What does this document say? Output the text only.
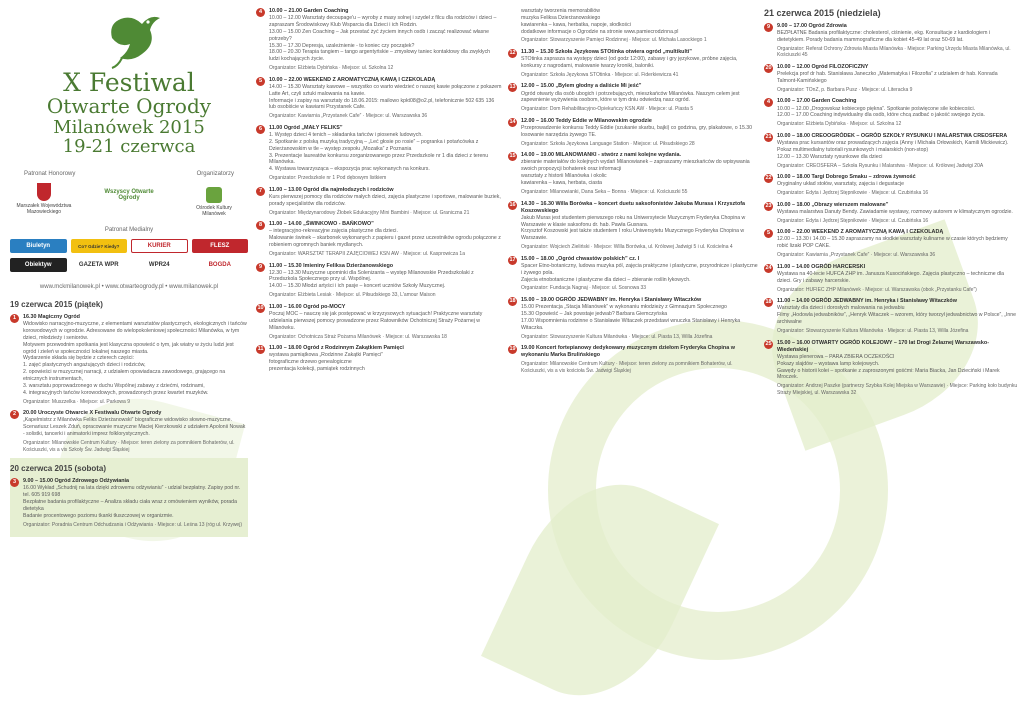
X Festiwal
Otwarte Ogrody
Milanówek 2015
19-21 czerwca
Patronat Honorowy	Organizatorzy
Marszałek Województwa Mazowieckiego
Wszyscy Otwarte Ogrody
Ośrodek Kultury Milanówek
Patronat Medialny
Biuletyn	Co? Gdzie? Kiedy?	KURIER	FLESZ
Obiektyw	GAZETA WPR	WPR24	BOGDA
www.mckmilanowek.pl • www.otwarteogrody.pl • www.milanowek.pl
19 czerwca 2015 (piątek)
1	16.30 Magiczny Ogród
Widowisko narracyjno-muzyczne, z elementami warsztatów plastycznych, ekologicznych i tańców korowodowych w ogrodzie. Adresowane do wielopokoleniowej społeczności Milanówka, w tym dzieci, młodzieży i seniorów.
Motywem przewodnim spotkania jest klasyczna opowieść o tym, jak wiatry w życiu ludzi jest ogród i zieleń w społeczności lokalnej naszego miasta.
Wydarzenie składa się będzie z czterech części:
1. zajęć plastycznych angażujących dzieci i rodziców,
2. opowieści w muzycznej narracji, z udziałem opowiadacza zawodowego, grającego na etnicznych instrumentach,
3. warsztatu poprowadzonego w duchu Wspólnej zabawy z dziećmi, rodzinami,
4. integracyjnych tańców korowodowych, prowadzonych przez kwartet muzyków.
Organizator: Muszzelka · Miejsce: ul. Parkowa 9
2	20.00 Uroczyste Otwarcie X Festiwalu Otwarte Ogrody
„Kapelmistrz z Milanówka Feliks Dzierżanowski” biograficzne widowisko słowno-muzyczne. Scenariusz Leszek Zduń, opracowanie muzyczne Maciej Kierzkowski z udziałem Apolonii Nowak - solistki, tancerki i animatorki imprez folklorystycznych.
Organizator: Milanowskie Centrum Kultury · Miejsce: teren zielony za pomnikiem Bohaterów, ul. Kościuszki, vis a vis Szkoły Św. Jadwigi Śląskiej
20 czerwca 2015 (sobota)
3	9.00 – 15.00 Ogród Zdrowego Odżywiania
16.00 Wykład „Schudnij na lata dzięki zdrowemu odżywianiu” - udział bezpłatny. Zapisy pod nr. tel. 605 919 698
Bezpłatne badania profilaktyczne – Analiza składu ciała wraz z omówieniem wyników, porada dietetyka
Badanie procentowego poziomu tkanki tłuszczowej w organizmie.
Organizator: Poradnia Centrum Odchudzania i Odżywiania · Miejsce: ul. Leśna 13 (róg ul. Krzywej)
4	10.00 – 21.00 Garden Coaching
10.00 – 12.00 Warsztaty decoupage'u – wyroby z masy solnej i szydeł z filcu dla rodziców i dzieci – zapraszam Środowiskowy Klub Wsparcia dla Dzieci i ich Rodzin.
13.00 – 15.00 Zen Coaching – Jak przestać żyć życiem innych osób i zacząć realizować własne potrzeby?
15.30 – 17.30 Depresja, uzależnienie - to koniec czy początek?
18.00 – 20.30 Terapia tangiem – tango argentyńskie – zmysłowy taniec kontaktowy dla zwykłych ludzi kochających życie.
Organizator: Elżbieta Dybińska · Miejsce: ul. Szkolna 12
5	10.00 – 22.00 WEEKEND Z AROMATYCZNĄ KAWĄ I CZEKOLADĄ
14.00 – 15.30 Warsztaty kawowe – wszystko co warto wiedzieć o naszej kawie połączone z pokazem Latte Art, czyli sztuki malowania na kawie.
Informacje i zapisy na warsztaty do 18.06.2015: mailowo kpkt08@o2.pl, telefonicznie 502 635 136 lub osobiście w kawiarni Przystanek Cafe.
Organizator: Kawiarnia „Przystanek Cafe” · Miejsce: ul. Warszawska 36
6	11.00 Ogród „MAŁY FELIKS”
1. Występ dzieci 4 tenich – składanka tańców i piosenek ludowych.
2. Spotkanie z polską muzyką tradycyjną – „Leć głosie po rosie” – pogranka i potańcówka z Dzierżanowskim w tle – występ zespołu „Mozaika” z Poznania
3. Prezentacje laureatów konkursu zorganizowanego przez Przedszkole nr 1 dla dzieci z terenu Milanówka.
4. Wystawa towarzysząca – ekspozycja prac wykonanych na konkurs.
Organizator: Przedszkole nr 1 Pod dębowym listkiem
7	11.00 – 13.00 Ogród dla najmłodszych i rodziców
Kurs pierwszej pomocy dla rodziców małych dzieci, zajęcia plastyczne i sportowe, malowanie buziek, porady specjalistów dla rodziców.
Organizator: Międzynarodowy Żłobek Edukacyjny Mini Bambini · Miejsce: ul. Graniczna 21
8	11.00 – 14.00 „ŚWINKOWO - BAŃKOWO”
– integracyjno-rekreacyjne zajęcia plastyczne dla dzieci.
Malowanie świnek – skarbonek wykonanych z papieru i gazet przez uczestników ogrodu połączone z robieniem ogromnych baniek mydlanych.
Organizator: WARSZTAT TERAPII ZAJĘCIOWEJ KSN AW · Miejsce: ul. Kasprowicza 1a
9	11.00 – 15.30 Imieniny Feliksa Dzierżanowskiego
12.30 – 13.30 Muzyczne upominki dla Solenizanta – występ Milanowskie Przedszkolaki z Przedszkola Społecznego przy ul. Wspólnej.
14.00 – 15.30 Młodzi artyści i ich pasje – koncert uczniów Szkoły Muzycznej.
Organizator: Elżbieta Lesiak · Miejsce: ul. Piłsudskiego 33, L'amour Maison
10 11.00 – 16.00 Ogród po-MOCY
Poczuj MOC – nauczę się jak postępować w krzyzysowych sytuacjach! Praktyczne warsztaty udzielania pierwszej pomocy prowadzone przez Ratowników Ochotniczej Straży Pożarnej w Milanówku.
Organizator: Ochotnicza Straż Pożarna Milanówek · Miejsce: ul. Warszawska 18
11 11.00 – 18.00 Ogród z Rodzinnym Zakątkiem Pamięci
wystawa pamiątkowa „Rodzinne Zakątki Pamięci”
fotograficzne drzewo genealogiczne
prezentacja kolekcji, pamiątek rodzinnych
warsztaty tworzenia memorabiliów
muzyka Feliksa Dzierżanowskiego
kawiarenka – kawa, herbatka, napoje, słodkości
dodatkowe informacje o Ogrodzie na stronie www.pamiecrodzinna.pl
Organizator: Stowarzyszenie Pamięci Rodzinnej · Miejsce: ul. Michała Lasockiego 1
12 11.30 – 15.30 Szkoła Językowa STOtinka otwiera ogród „multikulti”
STOtinka zaprasza na występy dzieci (od godz 12:00), zabawy i gry językowe, próbne zajęcia, konkursy z nagrodami, malowanie twarzy kroniki, baloniki.
Organizator: Szkoła Językowa STOtinka · Miejsce: ul. Fiderkiewicza 41
13 12.00 – 15.00 „Bylem głodny a daliście Mi jeść”
Ogród otwarty dla osób ubogich i potrzebujących, mieszkańców Milanówka. Naszym celem jest zapewnienie wyżywienia osobom, które w tym dniu odwiedzą nasz ogród.
Organizator: Dom Rehabilitacyjno-Opiekuńczy KSN AW · Miejsce: ul. Piasta 5
14 12.00 – 16.00 Teddy Eddie w Milanowskim ogrodzie
Przeprowadzenie konkursu Teddy Eddie (szukanie skarbu, bajki) co godzina, gry, plakatowe, o 15.30 losowanie narzędzia żywego TE.
Organizator: Szkoła Językowa Language Station · Miejsce: ul. Piłsudskiego 28
15 14.00 – 19.00 MILANOWIANKI - stwórz z nami kolejne wydania.
zbieranie materiałów do kolejnych wydań Milanowianek – zapraszamy mieszkańców do wpisywania swoich propozycji bohaterek oraz informacji
warsztaty z historii Milanówka i okolic
kawiarenka – kawa, herbata, ciasta
Organizator: Milanowianki, Dana Seka – Bonna · Miejsce: ul. Kościuszki 55
16 14.30 – 16.30 Willa Borówka – koncert duetu saksofonistów Jakuba Murasa i Krzysztofa Koszowskiego
Jakub Muras jest studentem pierwszego roku na Uniwersytecie Muzycznym Fryderyka Chopina w Warszawie w klasie saksofonu dr. hab. Pawła Gusnara.
Krzysztof Koszowski jest także studentem I roku Uniwersytetu Muzycznego Fryderyka Chopina w Warszawie.
Organizator: Wojciech Zieliński · Miejsce: Willa Borówka, ul. Królowej Jadwigi 5 i ul. Kościelna 4
17 15.00 – 18.00 „Ogród chwastów polskich” cz. I
Spacer Etno-botaniczny, ludowa muzyka pól, zajęcia praktyczne i plastyczne, przyrodnicze i plastyczne i żywego pola.
Zajęcia etnobotaniczne i plastyczne dla dzieci – zbieranie roślin łykowych.
Organizator: Fundacja Nagnaj · Miejsce: ul. Sosnowa 33
18 15.00 – 19.00 OGRÓD JEDWABNY im. Henryka i Stanisławy Witaczków
15.00 Prezentacja „Stacja Milanówek” w wykonaniu młodzieży z Gimnazjum Społecznego
15.30 Opowieść – Jak powstaje jedwab? Barbara Giemczyńska
17.00 Wspomnienia rodzinne o Stanisławie Witaczek przedstawi wnuczka Stanisławy i Henryka Witaczka.
Organizator: Stowarzyszenie Kultura Milanówka · Miejsce: ul. Piasta 13, Willa Józefina
19 19.00 Koncert fortepianowy dedykowany muzycznym dziełom Fryderyka Chopina w wykonaniu Marka Brulińskiego
Organizator: Milanowskie Centrum Kultury · Miejsce: teren zielony za pomnikiem Bohaterów, ul. Kościuszki, vis a vis kościoła Św. Jadwigi Śląskiej
21 czerwca 2015 (niedziela)
9	9.00 – 17.00 Ogród Zdrowia
BEZPŁATNE Badania profilaktyczne: cholesterol, ciśnienie, ekg. Konsultacje z kardiologiem i dietetykiem. Porady badania mammograficzne dla kobiet 45-49 lat oraz 50-69 lat.
Organizator: Referat Ochrony Zdrowia Miasta Milanówka · Miejsce: Parking Urzędu Miasta Milanówka, ul. Kościuszki 45
20 10.00 – 12.00 Ogród FILOZOFICZNY
Prelekcja prof dr hab. Stanisława Janeczko „Matematyka i Filozofia” z udziałem dr hab. Konrada Talmont-Kamińskiego
Organizator: TOnZ, p. Barbara Pusz · Miejsce: ul. Literacka 9
4	10.00 – 17.00 Garden Coaching
10.00 – 12.00 „Drogowskaz kobiecego piękna”. Spotkanie poświęcone sile kobiecości.
12.00 – 17.00 Coaching indywidualny dla osób, które chcą zadbać o jakość swojego życia.
Organizator: Elżbieta Dybińska · Miejsce: ul. Szkolna 12
21 10.00 – 18.00 CREOOGRÓDEK – OGRÓD SZKOŁY RYSUNKU I MALARSTWA CREOSFERA
Wystawa prac kursantów oraz prowadzących zajęcia (Anny i Michała Orłowskich, Kamili Mickiewicz).
Pokaz multimedialny tutoriali rysunkowych i malarskich (non-stop)
12.00 – 13.30 Warsztaty rysunkowe dla dzieci
Organizator: CREOSFERA – Szkoła Rysunku i Malarstwa · Miejsce: ul. Królowej Jadwigi 20A
22 10.00 – 18.00 Targi Dobrego Smaku – zdrowa żywność
Oryginalny układ stołów, warsztaty, zajęcia i degustacje
Organizator: Edyta i Jędrzej Stępnikowie · Miejsce: ul. Czubińska 16
23 10.00 – 18.00 „Obrazy wierszem malowane”
Wystawa malarstwa Danuty Bendy. Zawiadamie wystawy, rozmowy autorem w klimatycznym ogrodzie.
Organizator: Edyta i Jędrzej Stępnikowie · Miejsce: ul. Czubińska 16
5	10.00 – 22.00 WEEKEND Z AROMATYCZNĄ KAWĄ I CZEKOLADĄ
12.00 – 13.30 i 14.00 – 15.30 zapraszamy na słodkie warsztaty kulinarne w czasie których będziemy robić lizaki POP CAKE.
Organizator: Kawiarnia „Przystanek Cafe” · Miejsce: ul. Warszawska 36
24 11.00 – 14.00 OGRÓD HARCERSKI
Wystawa na 40-lecie HUFCA ZHP im. Janusza Kusocińskiego. Zajęcia plastyczno – techniczne dla dzieci. Gry i zabawy harcerskie.
Organizator: HUFIEC ZHP Milanówek · Miejsce: ul. Warszawska (obok „Przystanku Cafe”)
18 11.00 – 14.00 OGRÓD JEDWABNY im. Henryka i Stanisławy Witaczków
Warsztaty dla dzieci i dorosłych malowania na jedwabiu
Filmy „Hodowla jedwabników”, „Henryk Witaczek – wzorem, który tworzył jedwabnictwo w Polsce”, „Inne archiwalne
Organizator: Stowarzyszenie Kultura Milanówka · Miejsce: ul. Piasta 13, Willa Józefina
25 15.00 – 16.00 OTWARTY OGRÓD KOLEJOWY – 170 lat Drogi Żelaznej Warszawsko-Wiedeńskiej
Wystawa plenerowa – PARA ZBIERA OCZEKOŚCI
Pokazy slajdów – wystawa lamp kolejowych.
Gawędy o historii kolei – spotkanie z zaproszonymi gośćmi: Maria Biacka, Jan Dzieciński i Marek Mroczek.
Organizator: Andrzej Paszke (partnerzy Szybka Kolej Miejska w Warszawie) · Miejsce: Parking koło budynku Straży Miejskiej, ul. Warszawska 32
